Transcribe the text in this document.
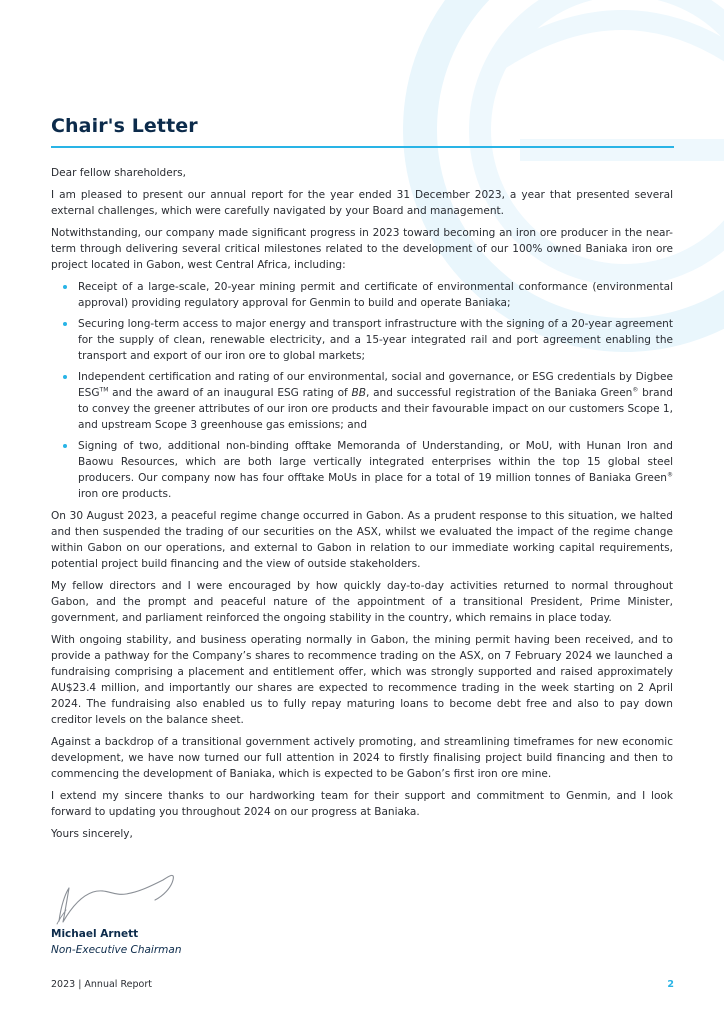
Chair's Letter

Dear fellow shareholders,

I am pleased to present our annual report for the year ended 31 December 2023, a year that presented several external challenges, which were carefully navigated by your Board and management.

Notwithstanding, our company made significant progress in 2023 toward becoming an iron ore producer in the near-term through delivering several critical milestones related to the development of our 100% owned Baniaka iron ore project located in Gabon, west Central Africa, including:

Receipt of a large-scale, 20-year mining permit and certificate of environmental conformance (environmental approval) providing regulatory approval for Genmin to build and operate Baniaka;
Securing long-term access to major energy and transport infrastructure with the signing of a 20-year agreement for the supply of clean, renewable electricity, and a 15-year integrated rail and port agreement enabling the transport and export of our iron ore to global markets;
Independent certification and rating of our environmental, social and governance, or ESG credentials by Digbee ESG™ and the award of an inaugural ESG rating of BB, and successful registration of the Baniaka Green® brand to convey the greener attributes of our iron ore products and their favourable impact on our customers Scope 1, and upstream Scope 3 greenhouse gas emissions; and
Signing of two, additional non-binding offtake Memoranda of Understanding, or MoU, with Hunan Iron and Baowu Resources, which are both large vertically integrated enterprises within the top 15 global steel producers. Our company now has four offtake MoUs in place for a total of 19 million tonnes of Baniaka Green® iron ore products.

On 30 August 2023, a peaceful regime change occurred in Gabon. As a prudent response to this situation, we halted and then suspended the trading of our securities on the ASX, whilst we evaluated the impact of the regime change within Gabon on our operations, and external to Gabon in relation to our immediate working capital requirements, potential project build financing and the view of outside stakeholders.

My fellow directors and I were encouraged by how quickly day-to-day activities returned to normal throughout Gabon, and the prompt and peaceful nature of the appointment of a transitional President, Prime Minister, government, and parliament reinforced the ongoing stability in the country, which remains in place today.

With ongoing stability, and business operating normally in Gabon, the mining permit having been received, and to provide a pathway for the Company’s shares to recommence trading on the ASX, on 7 February 2024 we launched a fundraising comprising a placement and entitlement offer, which was strongly supported and raised approximately AU$23.4 million, and importantly our shares are expected to recommence trading in the week starting on 2 April 2024. The fundraising also enabled us to fully repay maturing loans to become debt free and also to pay down creditor levels on the balance sheet.

Against a backdrop of a transitional government actively promoting, and streamlining timeframes for new economic development, we have now turned our full attention in 2024 to firstly finalising project build financing and then to commencing the development of Baniaka, which is expected to be Gabon’s first iron ore mine.

I extend my sincere thanks to our hardworking team for their support and commitment to Genmin, and I look forward to updating you throughout 2024 on our progress at Baniaka.

Yours sincerely,

Michael Arnett
Non-Executive Chairman
2023 | Annual Report	2
